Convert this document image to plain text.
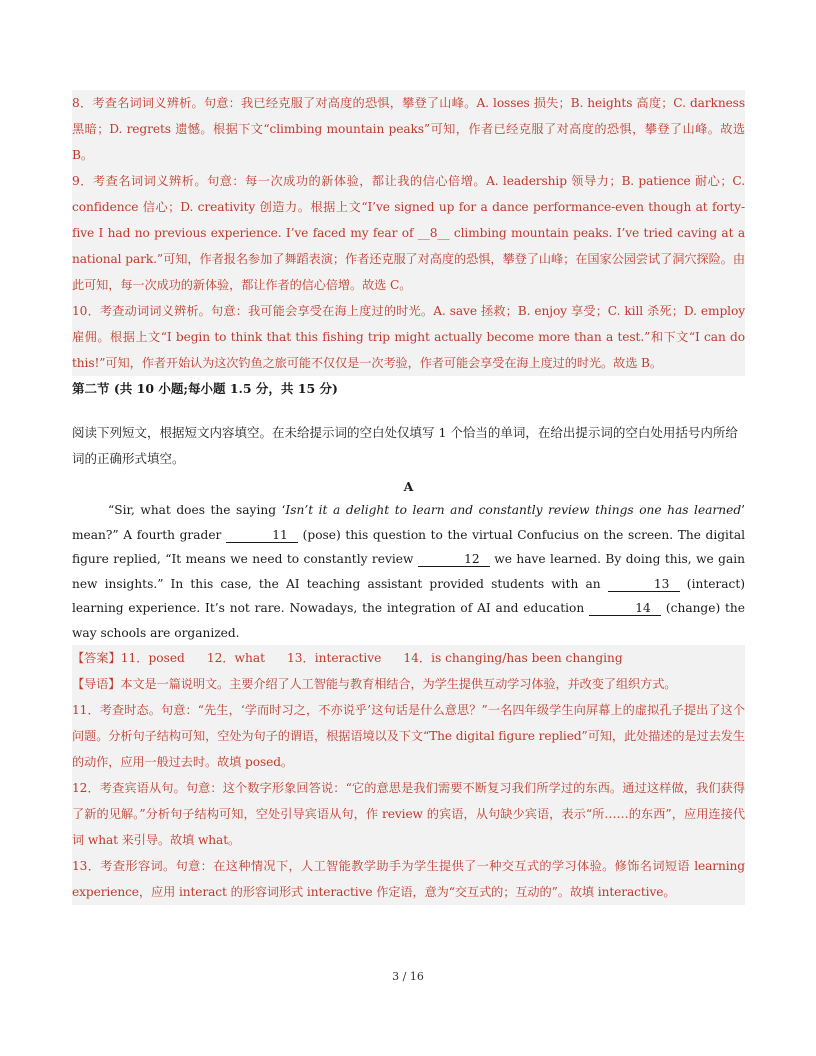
8．考查名词词义辨析。句意：我已经克服了对高度的恐惧，攀登了山峰。A. losses 损失；B. heights 高度；C. darkness 黑暗；D. regrets 遗憾。根据下文“climbing mountain peaks”可知，作者已经克服了对高度的恐惧，攀登了山峰。故选 B。
9．考查名词词义辨析。句意：每一次成功的新体验，都让我的信心倍增。A. leadership 领导力；B. patience 耐心；C. confidence 信心；D. creativity 创造力。根据上文“I’ve signed up for a dance performance-even though at forty-five I had no previous experience. I’ve faced my fear of __8__ climbing mountain peaks. I’ve tried caving at a national park.”可知，作者报名参加了舞蹈表演；作者还克服了对高度的恐惧，攀登了山峰；在国家公园尝试了洞穴探险。由此可知，每一次成功的新体验，都让作者的信心倍增。故选 C。
10．考查动词词义辨析。句意：我可能会享受在海上度过的时光。A. save 拯救；B. enjoy 享受；C. kill 杀死；D. employ 雇佣。根据上文“I begin to think that this fishing trip might actually become more than a test.”和下文“I can do this!”可知，作者开始认为这次钓鱼之旅可能不仅仅是一次考验，作者可能会享受在海上度过的时光。故选 B。
第二节 (共 10 小题;每小题 1.5 分，共 15 分)
阅读下列短文，根据短文内容填空。在未给提示词的空白处仅填写 1 个恰当的单词，在给出提示词的空白处用括号内所给词的正确形式填空。
A
“Sir, what does the saying ‘Isn’t it a delight to learn and constantly review things one has learned’ mean?” A fourth grader	11 (pose) this question to the virtual Confucius on the screen. The digital figure replied, “It means we need to constantly review	12 we have learned. By doing this, we gain new insights.” In this case, the AI teaching assistant provided students with an	13 (interact) learning experience. It’s not rare. Nowadays, the integration of AI and education	14 (change) the way schools are organized.
【答案】11．posed 12．what 13．interactive 14．is changing/has been changing
【导语】本文是一篇说明文。主要介绍了人工智能与教育相结合，为学生提供互动学习体验，并改变了组织方式。
11．考查时态。句意：“先生，‘学而时习之，不亦说乎’这句话是什么意思？”一名四年级学生向屏幕上的虚拟孔子提出了这个问题。分析句子结构可知，空处为句子的谓语，根据语境以及下文“The digital figure replied”可知，此处描述的是过去发生的动作，应用一般过去时。故填 posed。
12．考查宾语从句。句意：这个数字形象回答说：“它的意思是我们需要不断复习我们所学过的东西。通过这样做，我们获得了新的见解。”分析句子结构可知，空处引导宾语从句，作 review 的宾语，从句缺少宾语，表示“所……的东西”，应用连接代词 what 来引导。故填 what。
13．考查形容词。句意：在这种情况下，人工智能教学助手为学生提供了一种交互式的学习体验。修饰名词短语 learning experience，应用 interact 的形容词形式 interactive 作定语，意为“交互式的；互动的”。故填 interactive。
3 / 16
